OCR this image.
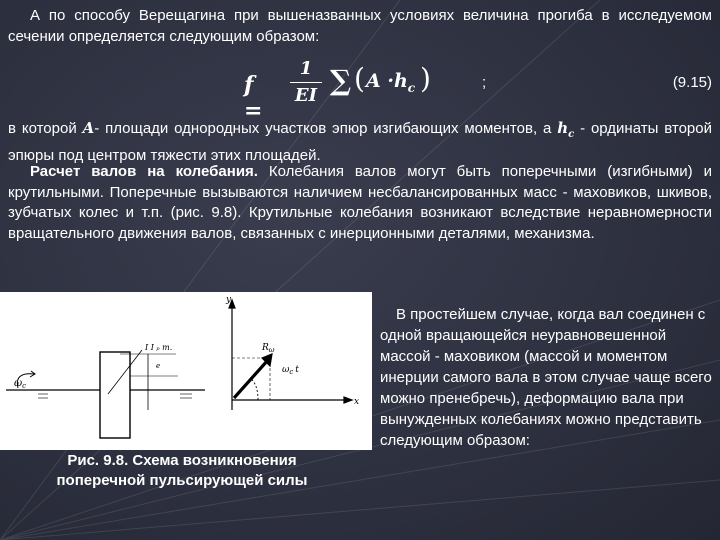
А по способу Верещагина при вышеназванных условиях величина прогиба в исследуемом сечении определяется следующим образом:
f =
1
EI ∑ ( $A \cdot h_c$ )	;	(9.15)
в которой A- площади однородных участков эпюр изгибающих моментов, а $h_c$ - ординаты второй эпюры под центром тяжести этих площадей.
Расчет валов на колебания. Колебания валов могут быть поперечными (изгибными) и крутильными. Поперечные вызываются наличием несбалансированных масс - маховиков, шкивов, зубчатых колес и т.п. (рис. 9.8). Крутильные колебания возникают вследствие неравномерности вращательного движения валов, связанных с инерционными деталями, механизма.
$\omega_c$
I I ₚ т.
e
y
x
$R_\omega$
$\omega_c$ t
Рис. 9.8. Схема возникновения поперечной пульсирующей силы
В простейшем случае, когда вал соединен с одной вращающейся неуравновешенной массой - маховиком (массой и моментом инерции самого вала в этом случае чаще всего можно пренебречь), деформацию вала при вынужденных колебаниях можно представить следующим образом:
